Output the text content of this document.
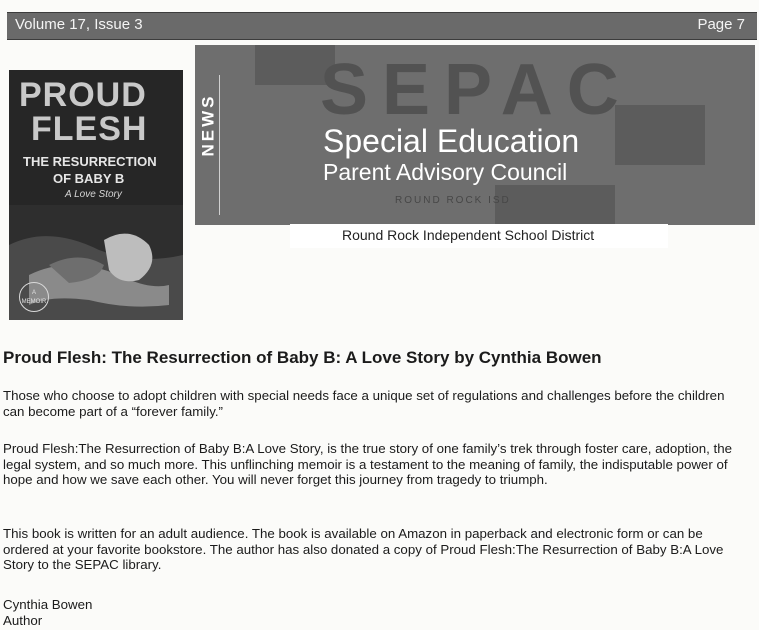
Volume 17, Issue 3	Page 7
PROUD
FLESH
THE RESURRECTION
OF BABY B
A Love Story
A MEMOIR
SEPAC
NEWS	Special Education
Parent Advisory Council
ROUND ROCK ISD
Round Rock Independent School District
Proud Flesh: The Resurrection of Baby B: A Love Story by Cynthia Bowen
Those who choose to adopt children with special needs face a unique set of regulations and challenges before the children can become part of a “forever family.”
Proud Flesh:The Resurrection of Baby B:A Love Story, is the true story of one family’s trek through foster care, adoption, the legal system, and so much more. This unflinching memoir is a testament to the meaning of family, the indisputable power of hope and how we save each other. You will never forget this journey from tragedy to triumph.
This book is written for an adult audience. The book is available on Amazon in paperback and electronic form or can be ordered at your favorite bookstore. The author has also donated a copy of Proud Flesh:The Resurrection of Baby B:A Love Story to the SEPAC library.
Cynthia Bowen
Author
